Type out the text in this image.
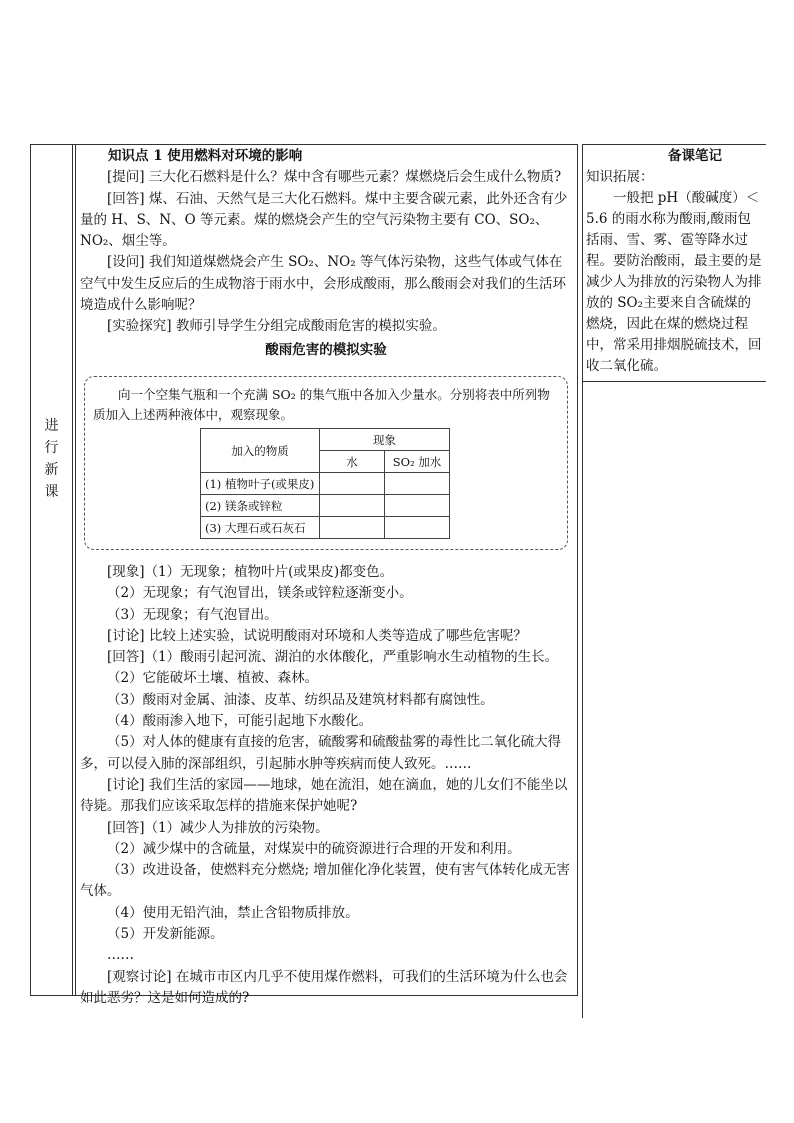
进
行
新
课

备课笔记

知识拓展：

一般把 pH（酸碱度）＜5.6 的雨水称为酸雨,酸雨包括雨、雪、雾、雹等降水过程。要防治酸雨，最主要的是减少人为排放的污染物人为排放的 SO₂主要来自含硫煤的燃烧，因此在煤的燃烧过程中，常采用排烟脱硫技术，回收二氧化硫。

知识点 1 使用燃料对环境的影响

[提问] 三大化石燃料是什么？煤中含有哪些元素？煤燃烧后会生成什么物质?

[回答] 煤、石油、天然气是三大化石燃料。煤中主要含碳元素，此外还含有少量的 H、S、N、O 等元素。煤的燃烧会产生的空气污染物主要有 CO、SO₂、NO₂、烟尘等。

[设问] 我们知道煤燃烧会产生 SO₂、NO₂ 等气体污染物，这些气体或气体在空气中发生反应后的生成物溶于雨水中，会形成酸雨，那么酸雨会对我们的生活环境造成什么影响呢？

[实验探究] 教师引导学生分组完成酸雨危害的模拟实验。

酸雨危害的模拟实验

向一个空集气瓶和一个充满 SO₂ 的集气瓶中各加入少量水。分别将表中所列物质加入上述两种液体中，观察现象。
加入的物质	现象	
	水	SO₂ 加水
(1) 植物叶子(或果皮)		
(2) 镁条或锌粒		
(3) 大理石或石灰石		

[现象]（1）无现象；植物叶片(或果皮)都变色。

（2）无现象；有气泡冒出，镁条或锌粒逐渐变小。

（3）无现象；有气泡冒出。

[讨论] 比较上述实验，试说明酸雨对环境和人类等造成了哪些危害呢？

[回答]（1）酸雨引起河流、湖泊的水体酸化，严重影响水生动植物的生长。

（2）它能破坏土壤、植被、森林。

（3）酸雨对金属、油漆、皮革、纺织品及建筑材料都有腐蚀性。

（4）酸雨渗入地下，可能引起地下水酸化。

（5）对人体的健康有直接的危害，硫酸雾和硫酸盐雾的毒性比二氧化硫大得多，可以侵入肺的深部组织，引起肺水肿等疾病而使人致死。……

[讨论] 我们生活的家园——地球，她在流泪，她在滴血，她的儿女们不能坐以待毙。那我们应该采取怎样的措施来保护她呢?

[回答]（1）减少人为排放的污染物。

（2）减少煤中的含硫量，对煤炭中的硫资源进行合理的开发和利用。

（3）改进设备，使燃料充分燃烧; 增加催化净化装置，使有害气体转化成无害气体。

（4）使用无铅汽油，禁止含铅物质排放。

（5）开发新能源。

……

[观察讨论] 在城市市区内几乎不使用煤作燃料，可我们的生活环境为什么也会如此恶劣？这是如何造成的?
